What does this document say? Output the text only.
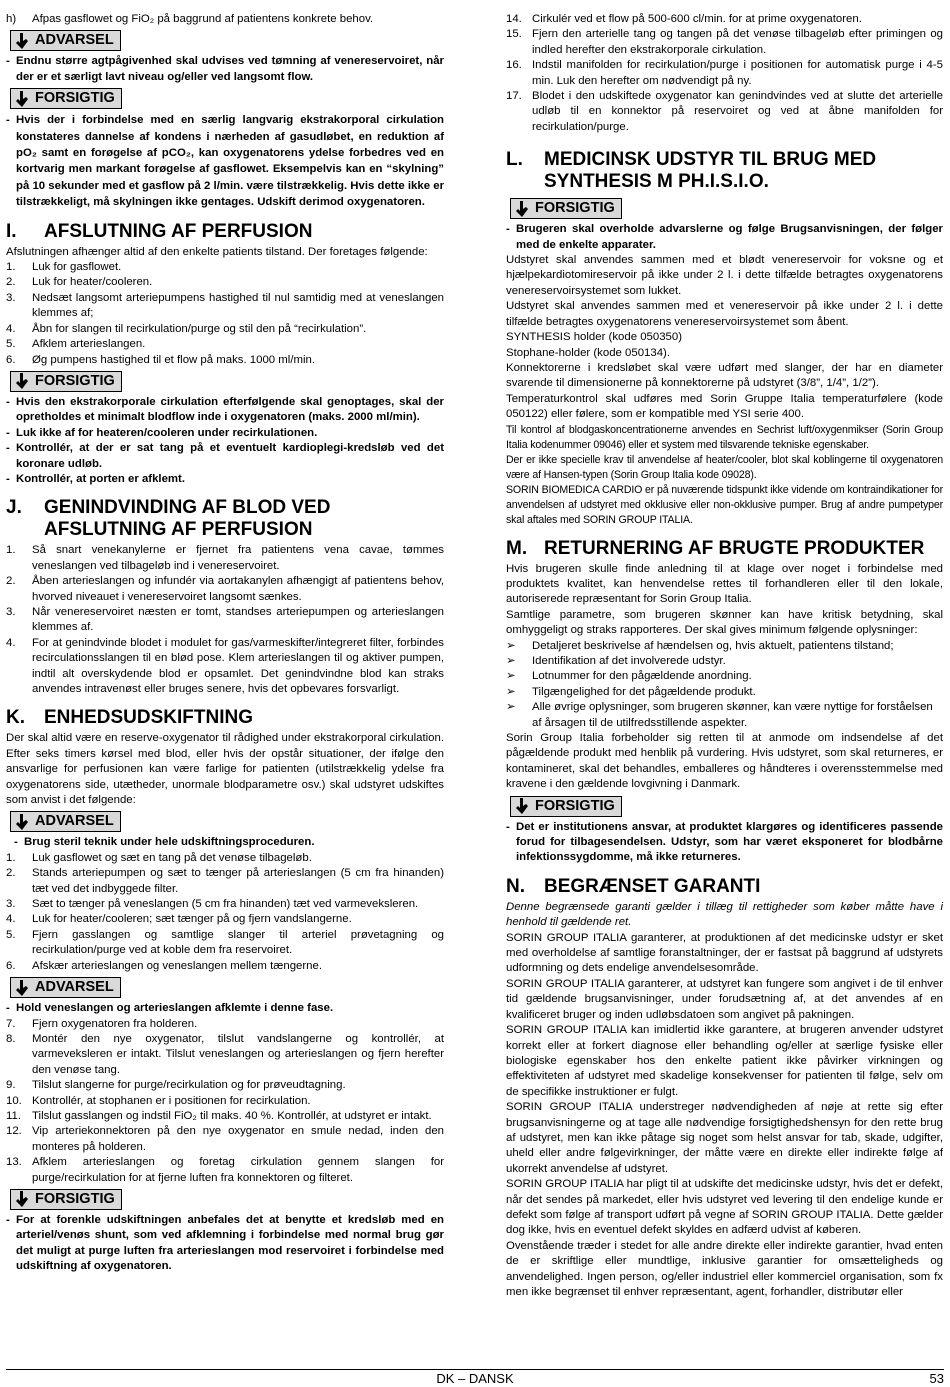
h)	Afpas gasflowet og FiO₂ på baggrund af patientens konkrete behov.
ADVARSEL
- Endnu større agtpågivenhed skal udvises ved tømning af venereservoiret, når der er et særligt lavt niveau og/eller ved langsomt flow.
FORSIGTIG
- Hvis der i forbindelse med en særlig langvarig ekstrakorporal cirkulation konstateres dannelse af kondens i nærheden af gasudløbet, en reduktion af pO₂ samt en forøgelse af pCO₂, kan oxygenatorens ydelse forbedres ved en kortvarig men markant forøgelse af gasflowet. Eksempelvis kan en “skylning” på 10 sekunder med et gasflow på 2 l/min. være tilstrækkelig. Hvis dette ikke er tilstrækkeligt, må skylningen ikke gentages. Udskift derimod oxygenatoren.
I. AFSLUTNING AF PERFUSION

Afslutningen afhænger altid af den enkelte patients tilstand. Der foretages følgende:

1.	Luk for gasflowet.
2.	Luk for heater/cooleren.
3.	Nedsæt langsomt arteriepumpens hastighed til nul samtidig med at veneslangen klemmes af;
4.	Åbn for slangen til recirkulation/purge og stil den på “recirkulation”.
5.	Afklem arterieslangen.
6.	Øg pumpens hastighed til et flow på maks. 1000 ml/min.
FORSIGTIG
- Hvis den ekstrakorporale cirkulation efterfølgende skal genoptages, skal der opretholdes et minimalt blodflow inde i oxygenatoren (maks. 2000 ml/min).
- Luk ikke af for heateren/cooleren under recirkulationen.
- Kontrollér, at der er sat tang på et eventuelt kardioplegi-kredsløb ved det koronare udløb.
- Kontrollér, at porten er afklemt.
J. GENINDVINDING AF BLOD VED
AFSLUTNING AF PERFUSION
1.	Så snart venekanylerne er fjernet fra patientens vena cavae, tømmes veneslangen ved tilbageløb ind i venereservoiret.
2.	Åben arterieslangen og infundér via aortakanylen afhængigt af patientens behov, hvorved niveauet i venereservoiret langsomt sænkes.
3.	Når venereservoiret næsten er tomt, standses arteriepumpen og arterieslangen klemmes af.
4.	For at genindvinde blodet i modulet for gas/varmeskifter/integreret filter, forbindes recirculationsslangen til en blød pose. Klem arterieslangen til og aktiver pumpen, indtil alt overskydende blod er opsamlet. Det genindvindne blod kan straks anvendes intravenøst eller bruges senere, hvis det opbevares forsvarligt.
K. ENHEDSUDSKIFTNING

Der skal altid være en reserve-oxygenator til rådighed under ekstrakorporal cirkulation. Efter seks timers kørsel med blod, eller hvis der opstår situationer, der ifølge den ansvarlige for perfusionen kan være farlige for patienten (utilstrækkelig ydelse fra oxygenatorens side, utætheder, unormale blodparametre osv.) skal udstyret udskiftes som anvist i det følgende:

ADVARSEL
- Brug steril teknik under hele udskiftningsproceduren.
1.	Luk gasflowet og sæt en tang på det venøse tilbageløb.
2.	Stands arteriepumpen og sæt to tænger på arterieslangen (5 cm fra hinanden) tæt ved det indbyggede filter.
3.	Sæt to tænger på veneslangen (5 cm fra hinanden) tæt ved varmeveksleren.
4.	Luk for heater/cooleren; sæt tænger på og fjern vandslangerne.
5.	Fjern gasslangen og samtlige slanger til arteriel prøvetagning og recirkulation/purge ved at koble dem fra reservoiret.
6.	Afskær arterieslangen og veneslangen mellem tængerne.
ADVARSEL
- Hold veneslangen og arterieslangen afklemte i denne fase.
7.	Fjern oxygenatoren fra holderen.
8.	Montér den nye oxygenator, tilslut vandslangerne og kontrollér, at varmeveksleren er intakt. Tilslut veneslangen og arterieslangen og fjern herefter den venøse tang.
9.	Tilslut slangerne for purge/recirkulation og for prøveudtagning.
10. Kontrollér, at stophanen er i positionen for recirkulation.
11. Tilslut gasslangen og indstil FiO₂ til maks. 40 %. Kontrollér, at udstyret er intakt.
12. Vip arteriekonnektoren på den nye oxygenator en smule nedad, inden den monteres på holderen.
13. Afklem arterieslangen og foretag cirkulation gennem slangen for purge/recirkulation for at fjerne luften fra konnektoren og filteret.
FORSIGTIG
- For at forenkle udskiftningen anbefales det at benytte et kredsløb med en arteriel/venøs shunt, som ved afklemning i forbindelse med normal brug gør det muligt at purge luften fra arterieslangen mod reservoiret i forbindelse med udskiftning af oxygenatoren.
14. Cirkulér ved et flow på 500-600 cl/min. for at prime oxygenatoren.
15. Fjern den arterielle tang og tangen på det venøse tilbageløb efter primingen og indled herefter den ekstrakorporale cirkulation.
16. Indstil manifolden for recirkulation/purge i positionen for automatisk purge i 4-5 min. Luk den herefter om nødvendigt på ny.
17. Blodet i den udskiftede oxygenator kan genindvindes ved at slutte det arterielle udløb til en konnektor på reservoiret og ved at åbne manifolden for recirkulation/purge.
L. MEDICINSK UDSTYR TIL BRUG MED
SYNTHESIS M PH.I.S.I.O.
FORSIGTIG
- Brugeren skal overholde advarslerne og følge Brugsanvisningen, der følger med de enkelte apparater.

Udstyret skal anvendes sammen med et blødt venereservoir for voksne og et hjælpekardiotomireservoir på ikke under 2 l. i dette tilfælde betragtes oxygenatorens venereservoirsystemet som lukket.

Udstyret skal anvendes sammen med et venereservoir på ikke under 2 l. i dette tilfælde betragtes oxygenatorens venereservoirsystemet som åbent.

SYNTHESIS holder (kode 050350)

Stophane-holder (kode 050134).

Konnektorerne i kredsløbet skal være udført med slanger, der har en diameter svarende til dimensionerne på konnektorerne på udstyret (3/8”, 1/4”, 1/2”).

Temperaturkontrol skal udføres med Sorin Gruppe Italia temperaturfølere (kode 050122) eller følere, som er kompatible med YSI serie 400.

Til kontrol af blodgaskoncentrationerne anvendes en Sechrist luft/oxygenmikser (Sorin Group Italia kodenummer 09046) eller et system med tilsvarende tekniske egenskaber.

Der er ikke specielle krav til anvendelse af heater/cooler, blot skal koblingerne til oxygenatoren være af Hansen-typen (Sorin Group Italia kode 09028).

SORIN BIOMEDICA CARDIO er på nuværende tidspunkt ikke vidende om kontraindikationer for anvendelsen af udstyret med okklusive eller non-okklusive pumper. Brug af andre pumpetyper skal aftales med SORIN GROUP ITALIA.

M. RETURNERING AF BRUGTE PRODUKTER

Hvis brugeren skulle finde anledning til at klage over noget i forbindelse med produktets kvalitet, kan henvendelse rettes til forhandleren eller til den lokale, autoriserede repræsentant for Sorin Group Italia.

Samtlige parametre, som brugeren skønner kan have kritisk betydning, skal omhyggeligt og straks rapporteres. Der skal gives minimum følgende oplysninger:

➢	Detaljeret beskrivelse af hændelsen og, hvis aktuelt, patientens tilstand;
➢	Identifikation af det involverede udstyr.
➢	Lotnummer for den pågældende anordning.
➢	Tilgængelighed for det pågældende produkt.
➢	Alle øvrige oplysninger, som brugeren skønner, kan være nyttige for forståelsen af årsagen til de utilfredsstillende aspekter.

Sorin Group Italia forbeholder sig retten til at anmode om indsendelse af det pågældende produkt med henblik på vurdering. Hvis udstyret, som skal returneres, er kontamineret, skal det behandles, emballeres og håndteres i overensstemmelse med kravene i den gældende lovgivning i Danmark.

FORSIGTIG
- Det er institutionens ansvar, at produktet klargøres og identificeres passende forud for tilbagesendelsen. Udstyr, som har været eksponeret for blodbårne infektionssygdomme, må ikke returneres.
N. BEGRÆNSET GARANTI

Denne begrænsede garanti gælder i tillæg til rettigheder som køber måtte have i henhold til gældende ret.

SORIN GROUP ITALIA garanterer, at produktionen af det medicinske udstyr er sket med overholdelse af samtlige foranstaltninger, der er fastsat på baggrund af udstyrets udformning og dets endelige anvendelsesområde.

SORIN GROUP ITALIA garanterer, at udstyret kan fungere som angivet i de til enhver tid gældende brugsanvisninger, under forudsætning af, at det anvendes af en kvalificeret bruger og inden udløbsdatoen som angivet på pakningen.

SORIN GROUP ITALIA kan imidlertid ikke garantere, at brugeren anvender udstyret korrekt eller at forkert diagnose eller behandling og/eller at særlige fysiske eller biologiske egenskaber hos den enkelte patient ikke påvirker virkningen og effektiviteten af udstyret med skadelige konsekvenser for patienten til følge, selv om de specifikke instruktioner er fulgt.

SORIN GROUP ITALIA understreger nødvendigheden af nøje at rette sig efter brugsanvisningerne og at tage alle nødvendige forsigtighedshensyn for den rette brug af udstyret, men kan ikke påtage sig noget som helst ansvar for tab, skade, udgifter, uheld eller andre følgevirkninger, der måtte være en direkte eller indirekte følge af ukorrekt anvendelse af udstyret.

SORIN GROUP ITALIA har pligt til at udskifte det medicinske udstyr, hvis det er defekt, når det sendes på markedet, eller hvis udstyret ved levering til den endelige kunde er defekt som følge af transport udført på vegne af SORIN GROUP ITALIA. Dette gælder dog ikke, hvis en eventuel defekt skyldes en adfærd udvist af køberen.

Ovenstående træder i stedet for alle andre direkte eller indirekte garantier, hvad enten de er skriftlige eller mundtlige, inklusive garantier for omsætteligheds og anvendelighed. Ingen person, og/eller industriel eller kommerciel organisation, som fx men ikke begrænset til enhver repræsentant, agent, forhandler, distributør eller

DK – DANSK	53
